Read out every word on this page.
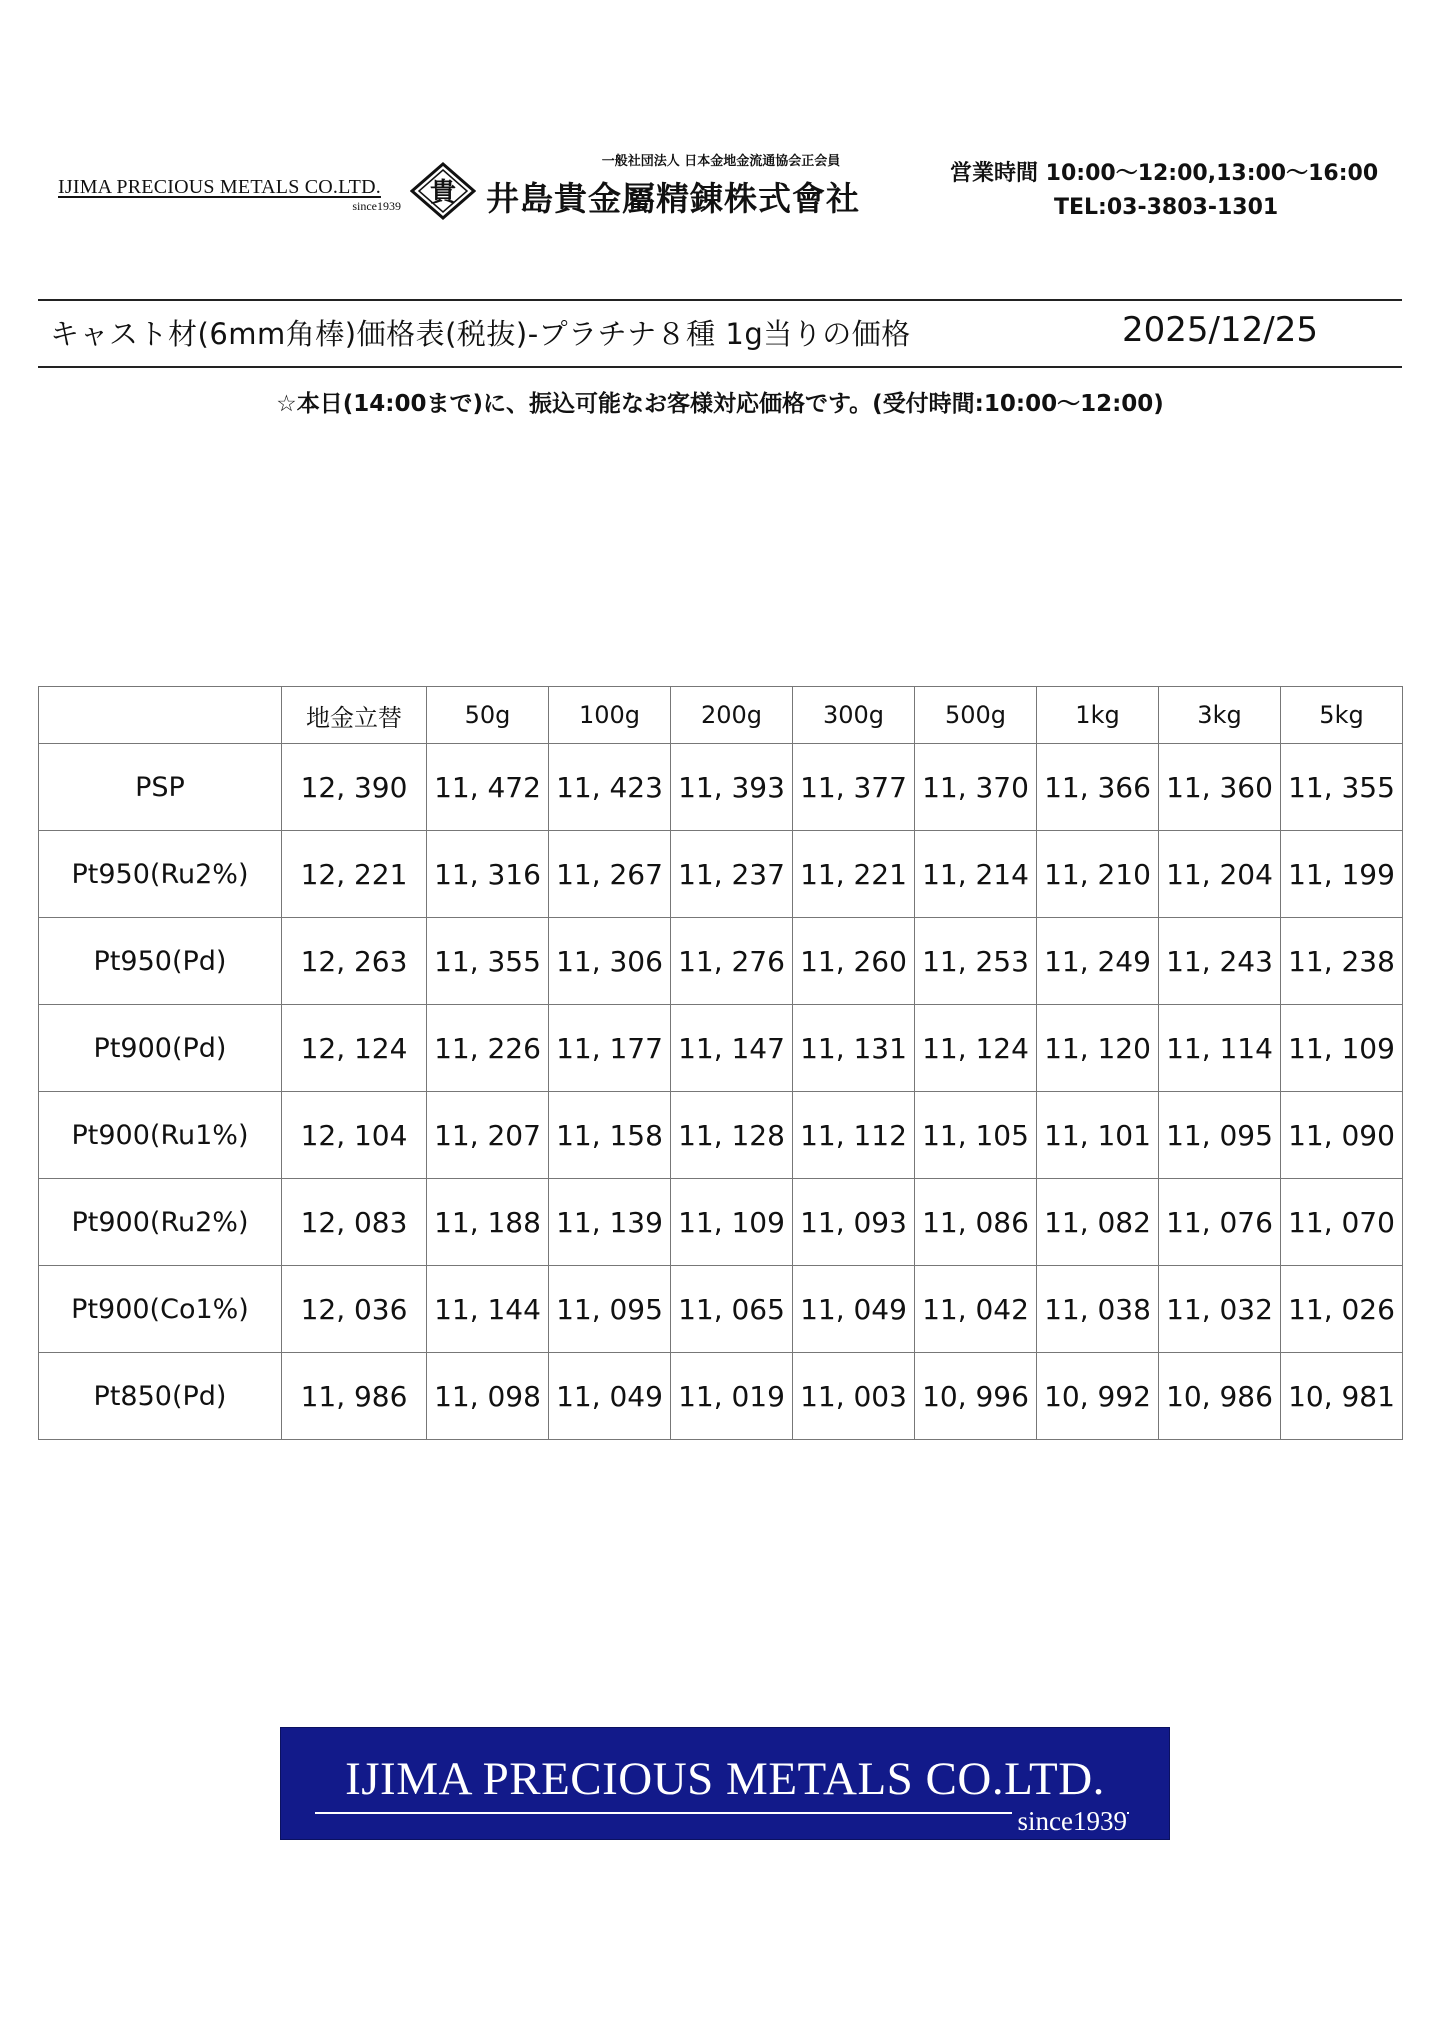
IJIMA PRECIOUS METALS CO.LTD.
since1939 貴
一般社団法人 日本金地金流通協会正会員
井島貴金屬精錬株式會社
営業時間 10:00〜12:00,13:00〜16:00
TEL:03-3803-1301
キャスト材(6mm角棒)価格表(税抜)-プラチナ８種 1g当りの価格	2025/12/25
☆本日(14:00まで)に、振込可能なお客様対応価格です。(受付時間:10:00〜12:00)
	地金立替	50g	100g	200g	300g	500g	1kg	3kg	5kg
PSP	12, 390	11, 472	11, 423	11, 393	11, 377	11, 370	11, 366	11, 360	11, 355
Pt950(Ru2%)	12, 221	11, 316	11, 267	11, 237	11, 221	11, 214	11, 210	11, 204	11, 199
Pt950(Pd)	12, 263	11, 355	11, 306	11, 276	11, 260	11, 253	11, 249	11, 243	11, 238
Pt900(Pd)	12, 124	11, 226	11, 177	11, 147	11, 131	11, 124	11, 120	11, 114	11, 109
Pt900(Ru1%)	12, 104	11, 207	11, 158	11, 128	11, 112	11, 105	11, 101	11, 095	11, 090
Pt900(Ru2%)	12, 083	11, 188	11, 139	11, 109	11, 093	11, 086	11, 082	11, 076	11, 070
Pt900(Co1%)	12, 036	11, 144	11, 095	11, 065	11, 049	11, 042	11, 038	11, 032	11, 026
Pt850(Pd)	11, 986	11, 098	11, 049	11, 019	11, 003	10, 996	10, 992	10, 986	10, 981
IJIMA PRECIOUS METALS CO.LTD.
since1939
